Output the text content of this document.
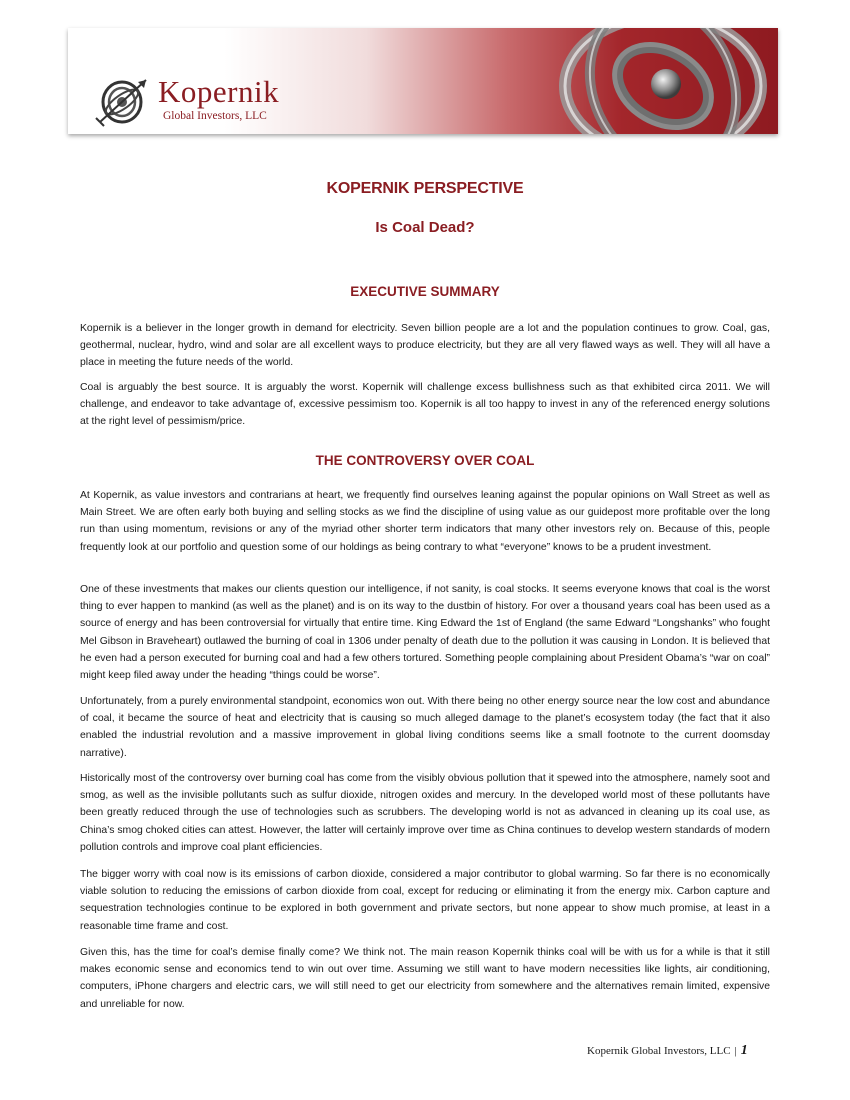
Kopernik
Global Investors, LLC
KOPERNIK PERSPECTIVE
Is Coal Dead?
EXECUTIVE SUMMARY

Kopernik is a believer in the longer growth in demand for electricity. Seven billion people are a lot and the population continues to grow. Coal, gas, geothermal, nuclear, hydro, wind and solar are all excellent ways to produce electricity, but they are all very flawed ways as well. They will all have a place in meeting the future needs of the world.

Coal is arguably the best source. It is arguably the worst. Kopernik will challenge excess bullishness such as that exhibited circa 2011. We will challenge, and endeavor to take advantage of, excessive pessimism too. Kopernik is all too happy to invest in any of the referenced energy solutions at the right level of pessimism/price.

THE CONTROVERSY OVER COAL

At Kopernik, as value investors and contrarians at heart, we frequently find ourselves leaning against the popular opinions on Wall Street as well as Main Street. We are often early both buying and selling stocks as we find the discipline of using value as our guidepost more profitable over the long run than using momentum, revisions or any of the myriad other shorter term indicators that many other investors rely on. Because of this, people frequently look at our portfolio and question some of our holdings as being contrary to what “everyone” knows to be a prudent investment.

One of these investments that makes our clients question our intelligence, if not sanity, is coal stocks. It seems everyone knows that coal is the worst thing to ever happen to mankind (as well as the planet) and is on its way to the dustbin of history. For over a thousand years coal has been used as a source of energy and has been controversial for virtually that entire time. King Edward the 1st of England (the same Edward “Longshanks” who fought Mel Gibson in Braveheart) outlawed the burning of coal in 1306 under penalty of death due to the pollution it was causing in London. It is believed that he even had a person executed for burning coal and had a few others tortured. Something people complaining about President Obama’s “war on coal” might keep filed away under the heading “things could be worse”.

Unfortunately, from a purely environmental standpoint, economics won out. With there being no other energy source near the low cost and abundance of coal, it became the source of heat and electricity that is causing so much alleged damage to the planet’s ecosystem today (the fact that it also enabled the industrial revolution and a massive improvement in global living conditions seems like a small footnote to the current doomsday narrative).

Historically most of the controversy over burning coal has come from the visibly obvious pollution that it spewed into the atmosphere, namely soot and smog, as well as the invisible pollutants such as sulfur dioxide, nitrogen oxides and mercury. In the developed world most of these pollutants have been greatly reduced through the use of technologies such as scrubbers. The developing world is not as advanced in cleaning up its coal use, as China’s smog choked cities can attest. However, the latter will certainly improve over time as China continues to develop western standards of modern pollution controls and improve coal plant efficiencies.

The bigger worry with coal now is its emissions of carbon dioxide, considered a major contributor to global warming. So far there is no economically viable solution to reducing the emissions of carbon dioxide from coal, except for reducing or eliminating it from the energy mix. Carbon capture and sequestration technologies continue to be explored in both government and private sectors, but none appear to show much promise, at least in a reasonable time frame and cost.

Given this, has the time for coal’s demise finally come? We think not. The main reason Kopernik thinks coal will be with us for a while is that it still makes economic sense and economics tend to win out over time. Assuming we still want to have modern necessities like lights, air conditioning, computers, iPhone chargers and electric cars, we will still need to get our electricity from somewhere and the alternatives remain limited, expensive and unreliable for now.

Kopernik Global Investors, LLC | 1
